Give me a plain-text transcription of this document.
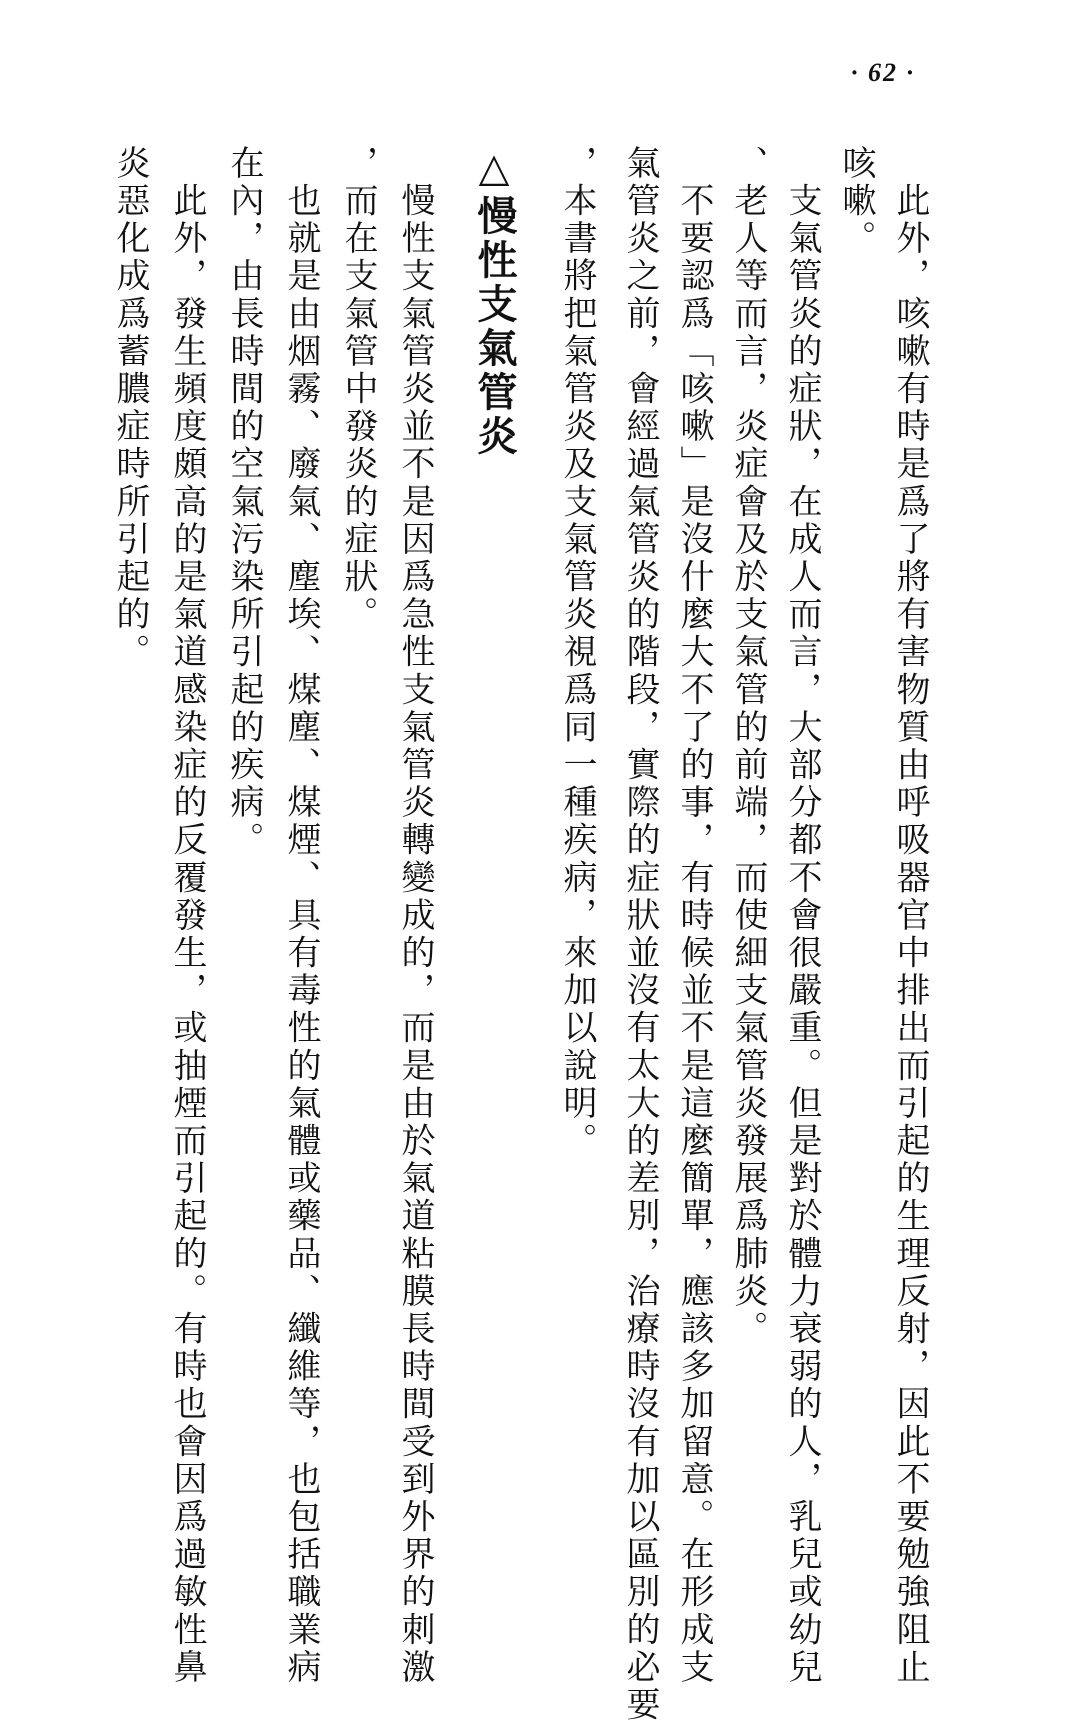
· 62 ·
　此外，咳嗽有時是爲了將有害物質由呼吸器官中排出而引起的生理反射，因此不要勉強阻止
咳嗽。
　支氣管炎的症狀，在成人而言，大部分都不會很嚴重。但是對於體力衰弱的人，乳兒或幼兒
、老人等而言，炎症會及於支氣管的前端，而使細支氣管炎發展爲肺炎。
　不要認爲「咳嗽」是沒什麼大不了的事，有時候並不是這麼簡單，應該多加留意。在形成支
氣管炎之前，會經過氣管炎的階段，實際的症狀並沒有太大的差別，治療時沒有加以區別的必要
，本書將把氣管炎及支氣管炎視爲同一種疾病，來加以說明。
△慢性支氣管炎
　慢性支氣管炎並不是因爲急性支氣管炎轉變成的，而是由於氣道粘膜長時間受到外界的刺激
，而在支氣管中發炎的症狀。
　也就是由烟霧、廢氣、塵埃、煤塵、煤煙、具有毒性的氣體或藥品、纖維等，也包括職業病
在內，由長時間的空氣污染所引起的疾病。
　此外，發生頻度頗高的是氣道感染症的反覆發生，或抽煙而引起的。有時也會因爲過敏性鼻
炎惡化成爲蓄膿症時所引起的。
